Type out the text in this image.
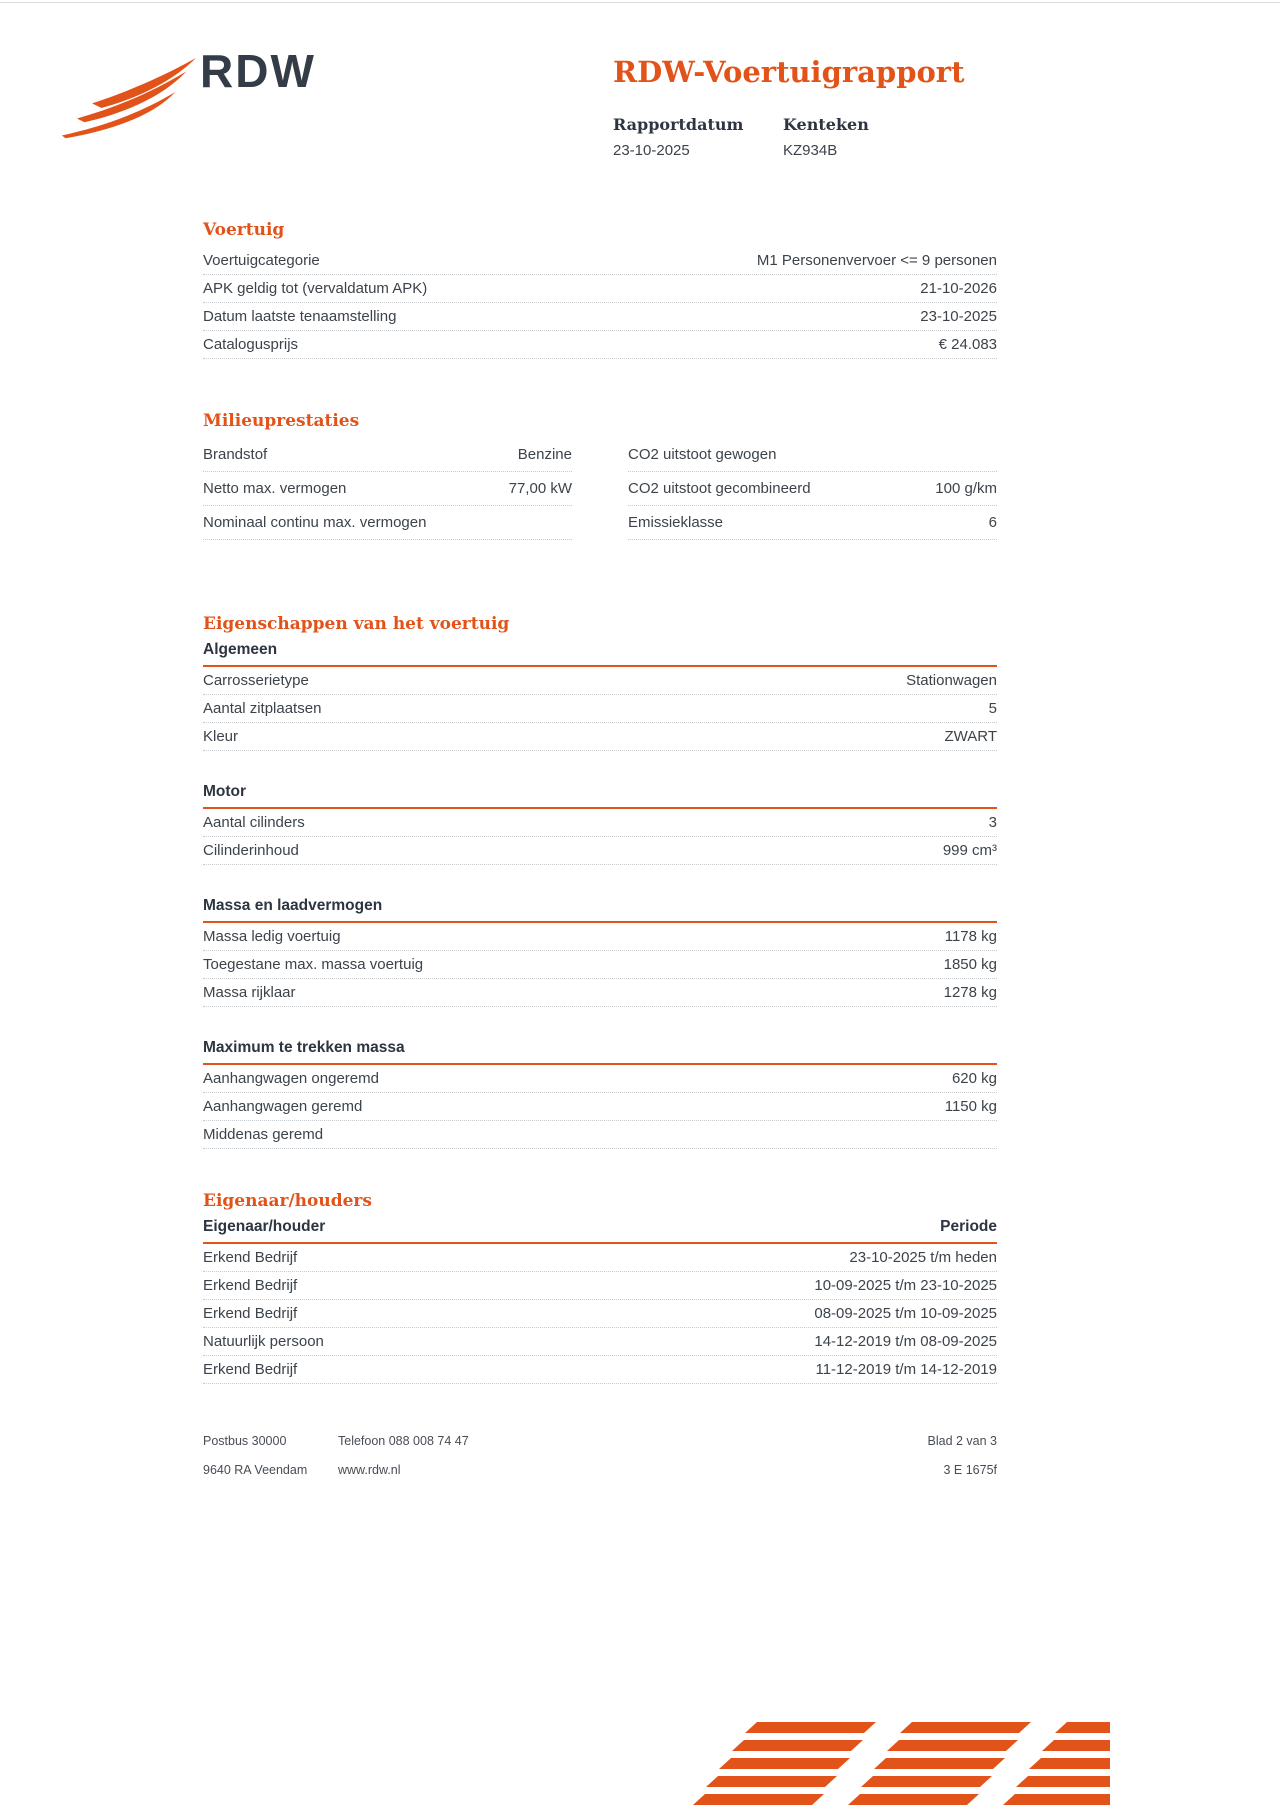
RDW	RDW-Voertuigrapport
Rapportdatum
23-10-2025
Kenteken
KZ934B
Voertuig
Voertuigcategorie	M1 Personenvervoer <= 9 personen
APK geldig tot (vervaldatum APK)	21-10-2026
Datum laatste tenaamstelling	23-10-2025
Catalogusprijs	€ 24.083
Milieuprestaties
Brandstof	Benzine
Netto max. vermogen	77,00 kW
Nominaal continu max. vermogen
CO2 uitstoot gewogen
CO2 uitstoot gecombineerd	100 g/km
Emissieklasse	6
Eigenschappen van het voertuig
Algemeen
Carrosserietype	Stationwagen
Aantal zitplaatsen	5
Kleur	ZWART
Motor
Aantal cilinders	3
Cilinderinhoud	999 cm³
Massa en laadvermogen
Massa ledig voertuig	1178 kg
Toegestane max. massa voertuig	1850 kg
Massa rijklaar	1278 kg
Maximum te trekken massa
Aanhangwagen ongeremd	620 kg
Aanhangwagen geremd	1150 kg
Middenas geremd
Eigenaar/houders
Eigenaar/houder	Periode
Erkend Bedrijf	23-10-2025 t/m heden
Erkend Bedrijf	10-09-2025 t/m 23-10-2025
Erkend Bedrijf	08-09-2025 t/m 10-09-2025
Natuurlijk persoon	14-12-2019 t/m 08-09-2025
Erkend Bedrijf	11-12-2019 t/m 14-12-2019
Postbus 30000	Telefoon 088 008 74 47	Blad 2 van 3
9640 RA Veendam	www.rdw.nl	3 E 1675f
